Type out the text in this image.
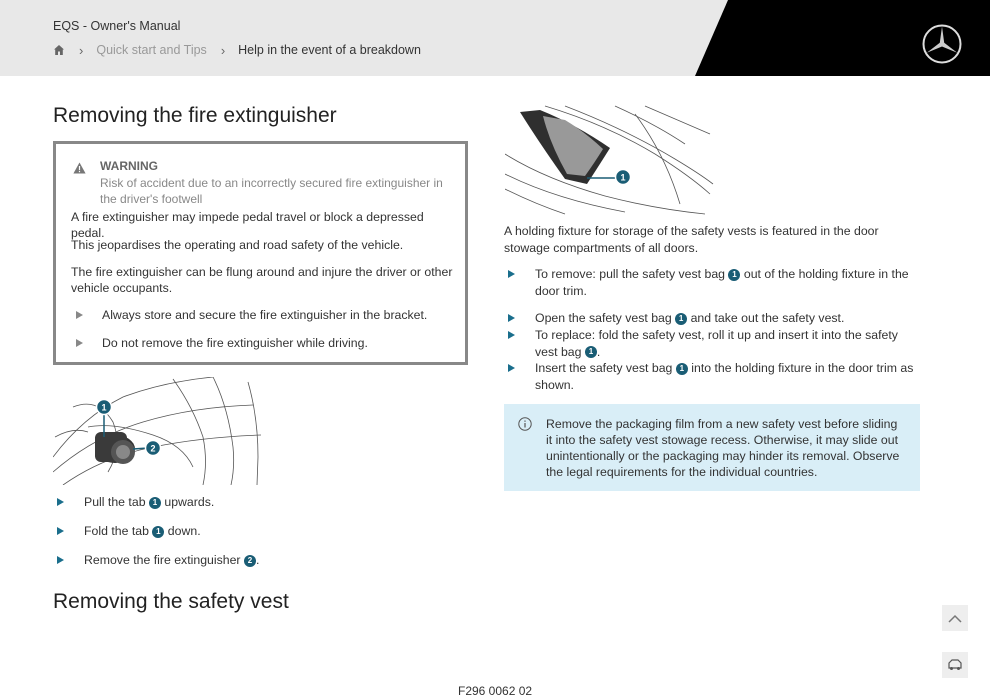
EQS - Owner's Manual
› Quick start and Tips › Help in the event of a breakdown
Removing the fire extinguisher
WARNING
Risk of accident due to an incorrectly secured fire extinguisher in the driver's footwell
A fire extinguisher may impede pedal travel or block a depressed pedal.
This jeopardises the operating and road safety of the vehicle.
The fire extinguisher can be flung around and injure the driver or other vehicle occupants.
Always store and secure the fire extinguisher in the bracket.
Do not remove the fire extinguisher while driving.
1
2
Pull the tab 1 upwards.
Fold the tab 1 down.
Remove the fire extinguisher 2 .
Removing the safety vest
1
A holding fixture for storage of the safety vests is featured in the door stowage compartments of all doors.
To remove: pull the safety vest bag 1 out of the holding fixture in the door trim.
Open the safety vest bag 1 and take out the safety vest.
To replace: fold the safety vest, roll it up and insert it into the safety vest bag 1 .
Insert the safety vest bag 1 into the holding fixture in the door trim as shown.
Remove the packaging film from a new safety vest before sliding it into the safety vest stowage recess. Otherwise, it may slide out unintentionally or the packaging may hinder its removal. Observe the legal requirements for the individual countries.
F296 0062 02
